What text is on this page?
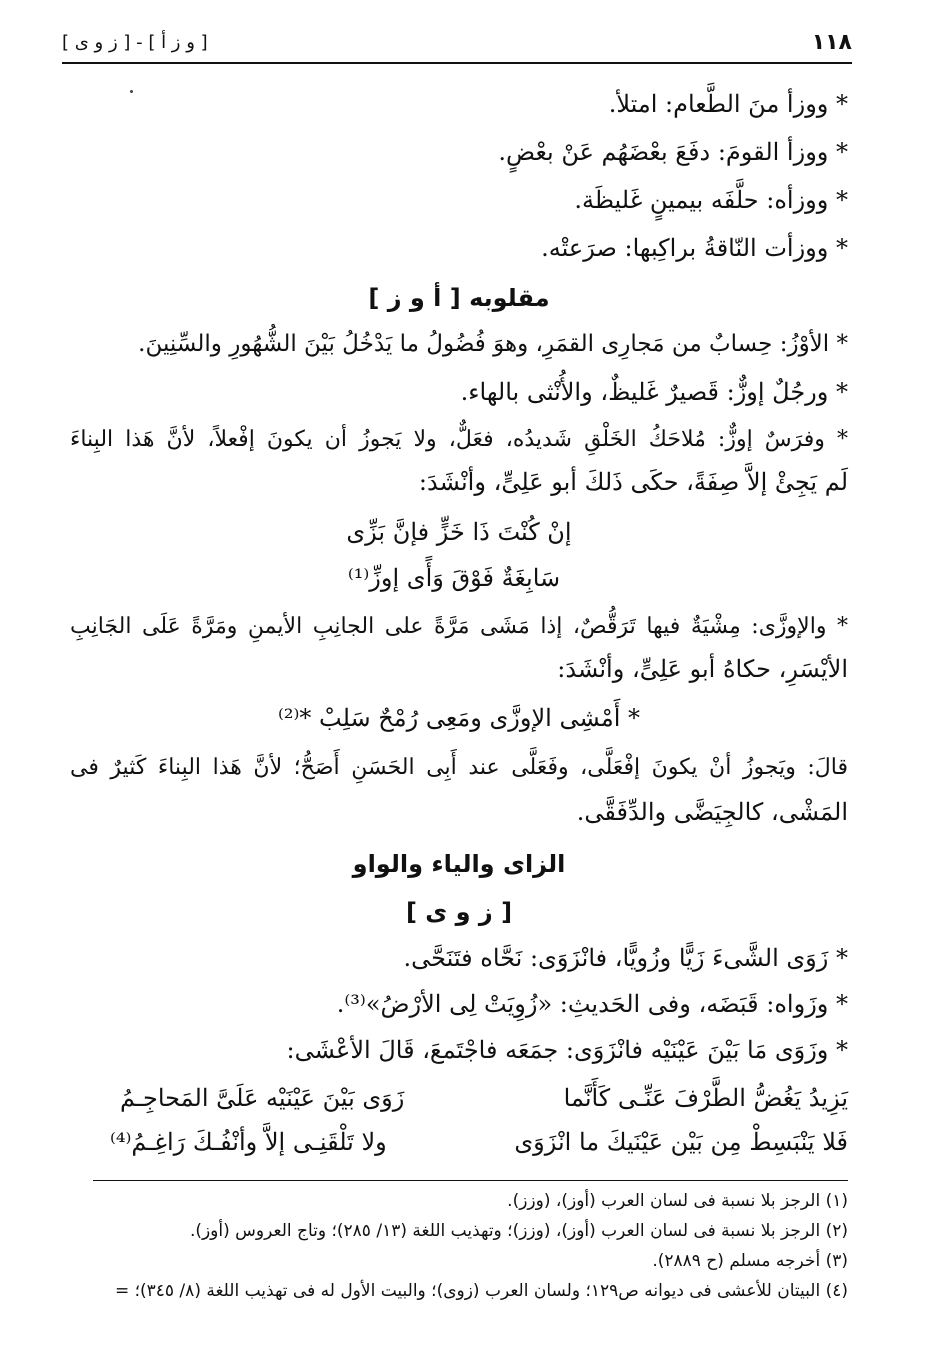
١١٨
[ و ز أ ] - [ ز و ى ]
* ووزأ منَ الطَّعام: امتلأ.
* ووزأ القومَ: دفَعَ بعْضَهُم عَنْ بعْضٍ.
* ووزأه: حلَّفَه بيمينٍ غَليظَة.
* ووزأت النّاقةُ براكِبها: صرَعتْه.
مقلوبه [ أ و ز ]
* الأوْزُ: حِسابٌ من مَجارِى القمَرِ، وهوَ فُضُولُ ما يَدْخُلُ بَيْنَ الشُّهُورِ والسِّنِينَ.
* ورجُلٌ إوزٌّ: قَصيرٌ غَليظٌ، والأُنْثى بالهاء.
* وفرَسٌ إوزٌّ: مُلاحَكُ الخَلْقِ شَديدُه، فعَلٌّ، ولا يَجوزُ أن يكونَ إفْعلاً، لأنَّ هَذا البِناءَ
لَم يَجِئْ إلاَّ صِفَةً، حكَى ذَلكَ أبو عَلِىٍّ، وأنْشَدَ:
إنْ كُنْتَ ذَا خَزٍّ فإنَّ بَزِّى
سَابِغَةٌ فَوْقَ وَأًى إوزِّ⁽¹⁾
* والإوزَّى: مِشْيَةٌ فيها تَرَقُّصٌ، إذا مَشَى مَرَّةً على الجانِبِ الأيمنِ ومَرَّةً عَلَى الجَانِبِ
الأيْسَرِ، حكاهُ أبو عَلِىٍّ، وأنْشَدَ:
* أَمْشِى الإوزَّى ومَعِى رُمْحٌ سَلِبْ *⁽²⁾
قالَ: ويَجوزُ أنْ يكونَ إفْعَلَّى، وفَعَلَّى عند أَبِى الحَسَنِ أَصَحُّ؛ لأنَّ هَذا البِناءَ كَثيرٌ فى
المَشْى، كالجِيَضَّى والدِّفَقَّى.
الزاى والياء والواو
[ ز و ى ]
* زَوَى الشَّىءَ زَيًّا وزُويًّا، فانْزَوَى: نَحَّاه فتَنَحَّى.
* وزَواه: قَبَضَه، وفى الحَديثِ: «زُوِيَتْ لِى الأرْضُ»⁽³⁾.
* وزَوَى مَا بَيْنَ عَيْنَيْه فانْزَوَى: جمَعَه فاجْتَمعَ، قَالَ الأعْشَى:
يَزِيدُ يَغُضُّ الطَّرْفَ عَنِّـى كَأَنَّما
زَوَى بَيْنَ عَيْنَيْه عَلَىَّ المَحاجِـمُ
فَلا يَنْبَسِطْ مِن بَيْن عَيْنَيكَ ما انْزَوَى
ولا تَلْقَنِـى إلاَّ وأنْفُـكَ رَاغِـمُ⁽⁴⁾
(١) الرجز بلا نسبة فى لسان العرب (أوز)، (وزز).
(٢) الرجز بلا نسبة فى لسان العرب (أوز)، (وزز)؛ وتهذيب اللغة (١٣/ ٢٨٥)؛ وتاج العروس (أوز).
(٣) أخرجه مسلم (ح ٢٨٨٩).
(٤) البيتان للأعشى فى ديوانه ص١٢٩؛ ولسان العرب (زوى)؛ والبيت الأول له فى تهذيب اللغة (٨/ ٣٤٥)؛ =
